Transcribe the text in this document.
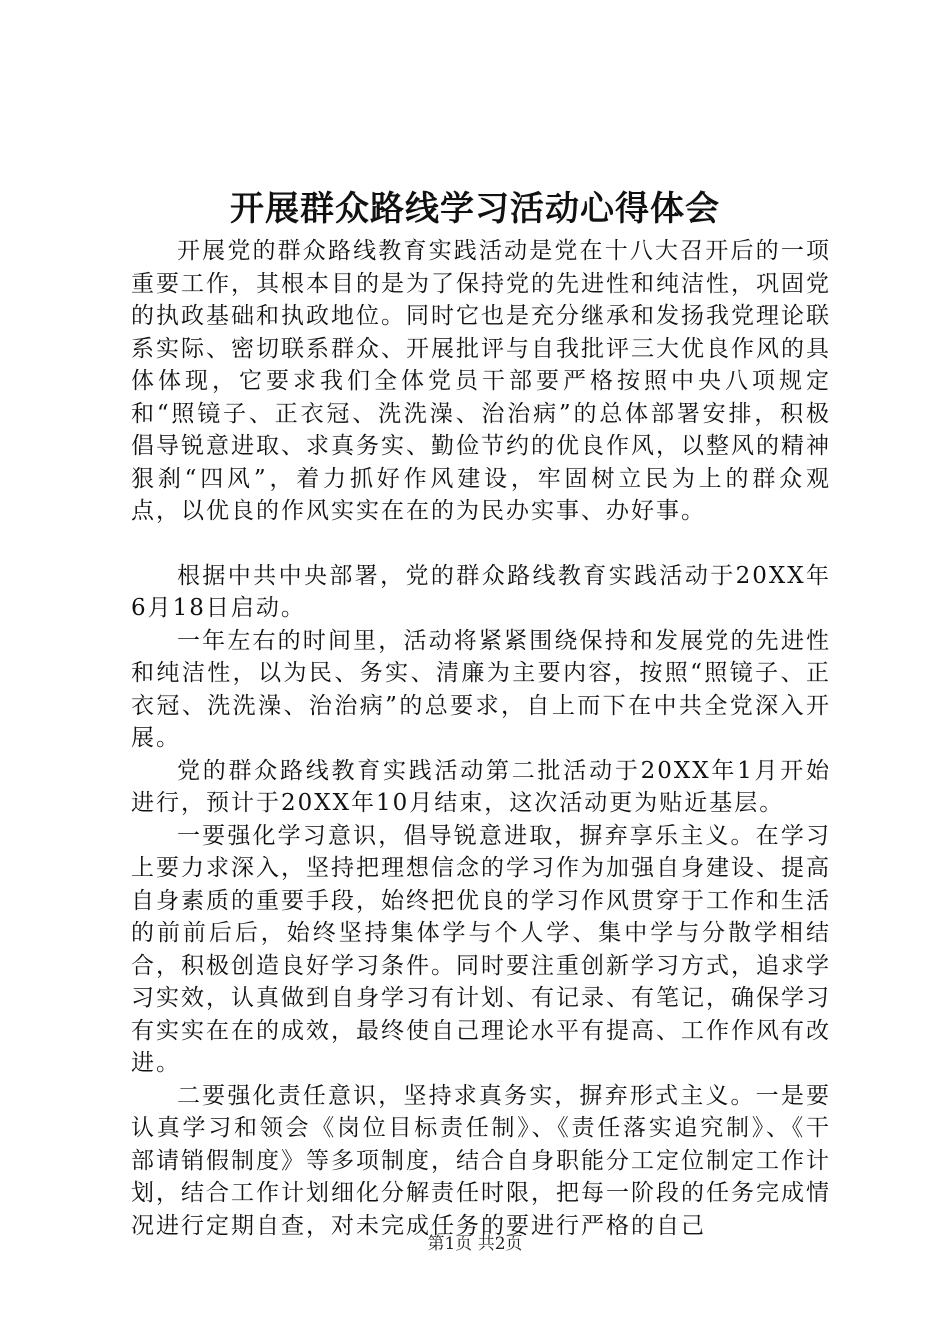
开展群众路线学习活动心得体会

开展党的群众路线教育实践活动是党在十八大召开后的一项重要工作，其根本目的是为了保持党的先进性和纯洁性，巩固党的执政基础和执政地位。同时它也是充分继承和发扬我党理论联系实际、密切联系群众、开展批评与自我批评三大优良作风的具体体现，它要求我们全体党员干部要严格按照中央八项规定和“照镜子、正衣冠、洗洗澡、治治病”的总体部署安排，积极倡导锐意进取、求真务实、勤俭节约的优良作风，以整风的精神狠刹“四风”，着力抓好作风建设，牢固树立民为上的群众观点，以优良的作风实实在在的为民办实事、办好事。

根据中共中央部署，党的群众路线教育实践活动于20XX年6月18日启动。

一年左右的时间里，活动将紧紧围绕保持和发展党的先进性和纯洁性，以为民、务实、清廉为主要内容，按照“照镜子、正衣冠、洗洗澡、治治病”的总要求，自上而下在中共全党深入开展。

党的群众路线教育实践活动第二批活动于20XX年1月开始进行，预计于20XX年10月结束，这次活动更为贴近基层。

一要强化学习意识，倡导锐意进取，摒弃享乐主义。在学习上要力求深入，坚持把理想信念的学习作为加强自身建设、提高自身素质的重要手段，始终把优良的学习作风贯穿于工作和生活的前前后后，始终坚持集体学与个人学、集中学与分散学相结合，积极创造良好学习条件。同时要注重创新学习方式，追求学习实效，认真做到自身学习有计划、有记录、有笔记，确保学习有实实在在的成效，最终使自己理论水平有提高、工作作风有改进。

二要强化责任意识，坚持求真务实，摒弃形式主义。一是要认真学习和领会《岗位目标责任制》、《责任落实追究制》、《干部请销假制度》等多项制度，结合自身职能分工定位制定工作计划，结合工作计划细化分解责任时限，把每一阶段的任务完成情况进行定期自查，对未完成任务的要进行严格的自己

第1页 共2页
